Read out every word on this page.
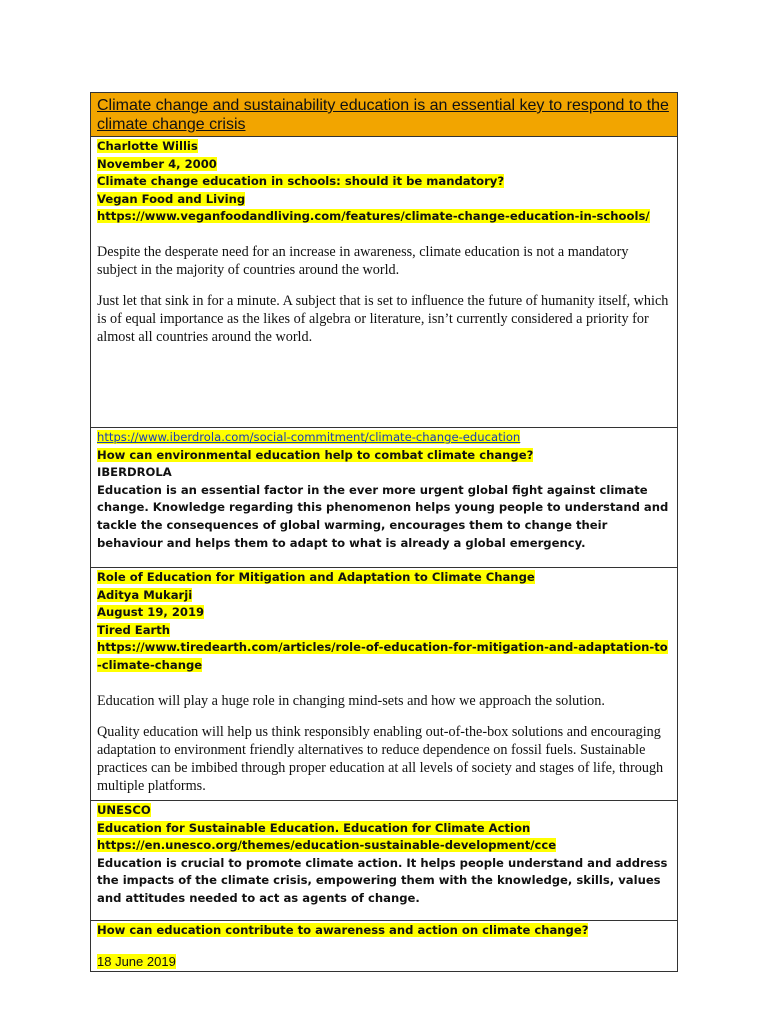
Climate change and sustainability education is an essential key to respond to the climate change crisis
Charlotte Willis
November 4, 2000
Climate change education in schools: should it be mandatory?
Vegan Food and Living
https://www.veganfoodandliving.com/features/climate-change-education-in-schools/

Despite the desperate need for an increase in awareness, climate education is not a mandatory subject in the majority of countries around the world.

Just let that sink in for a minute. A subject that is set to influence the future of humanity itself, which is of equal importance as the likes of algebra or literature, isn’t currently considered a priority for almost all countries around the world.

https://www.iberdrola.com/social-commitment/climate-change-education
How can environmental education help to combat climate change?
IBERDROLA
Education is an essential factor in the ever more urgent global fight against climate change. Knowledge regarding this phenomenon helps young people to understand and tackle the consequences of global warming, encourages them to change their behaviour and helps them to adapt to what is already a global emergency.
Role of Education for Mitigation and Adaptation to Climate Change
Aditya Mukarji
August 19, 2019
Tired Earth
https://www.tiredearth.com/articles/role-of-education-for-mitigation-and-adaptation-to-climate-change

Education will play a huge role in changing mind-sets and how we approach the solution.

Quality education will help us think responsibly enabling out-of-the-box solutions and encouraging adaptation to environment friendly alternatives to reduce dependence on fossil fuels. Sustainable practices can be imbibed through proper education at all levels of society and stages of life, through multiple platforms.

UNESCO
Education for Sustainable Education. Education for Climate Action
https://en.unesco.org/themes/education-sustainable-development/cce
Education is crucial to promote climate action. It helps people understand and address the impacts of the climate crisis, empowering them with the knowledge, skills, values and attitudes needed to act as agents of change.
How can education contribute to awareness and action on climate change?
18 June 2019
